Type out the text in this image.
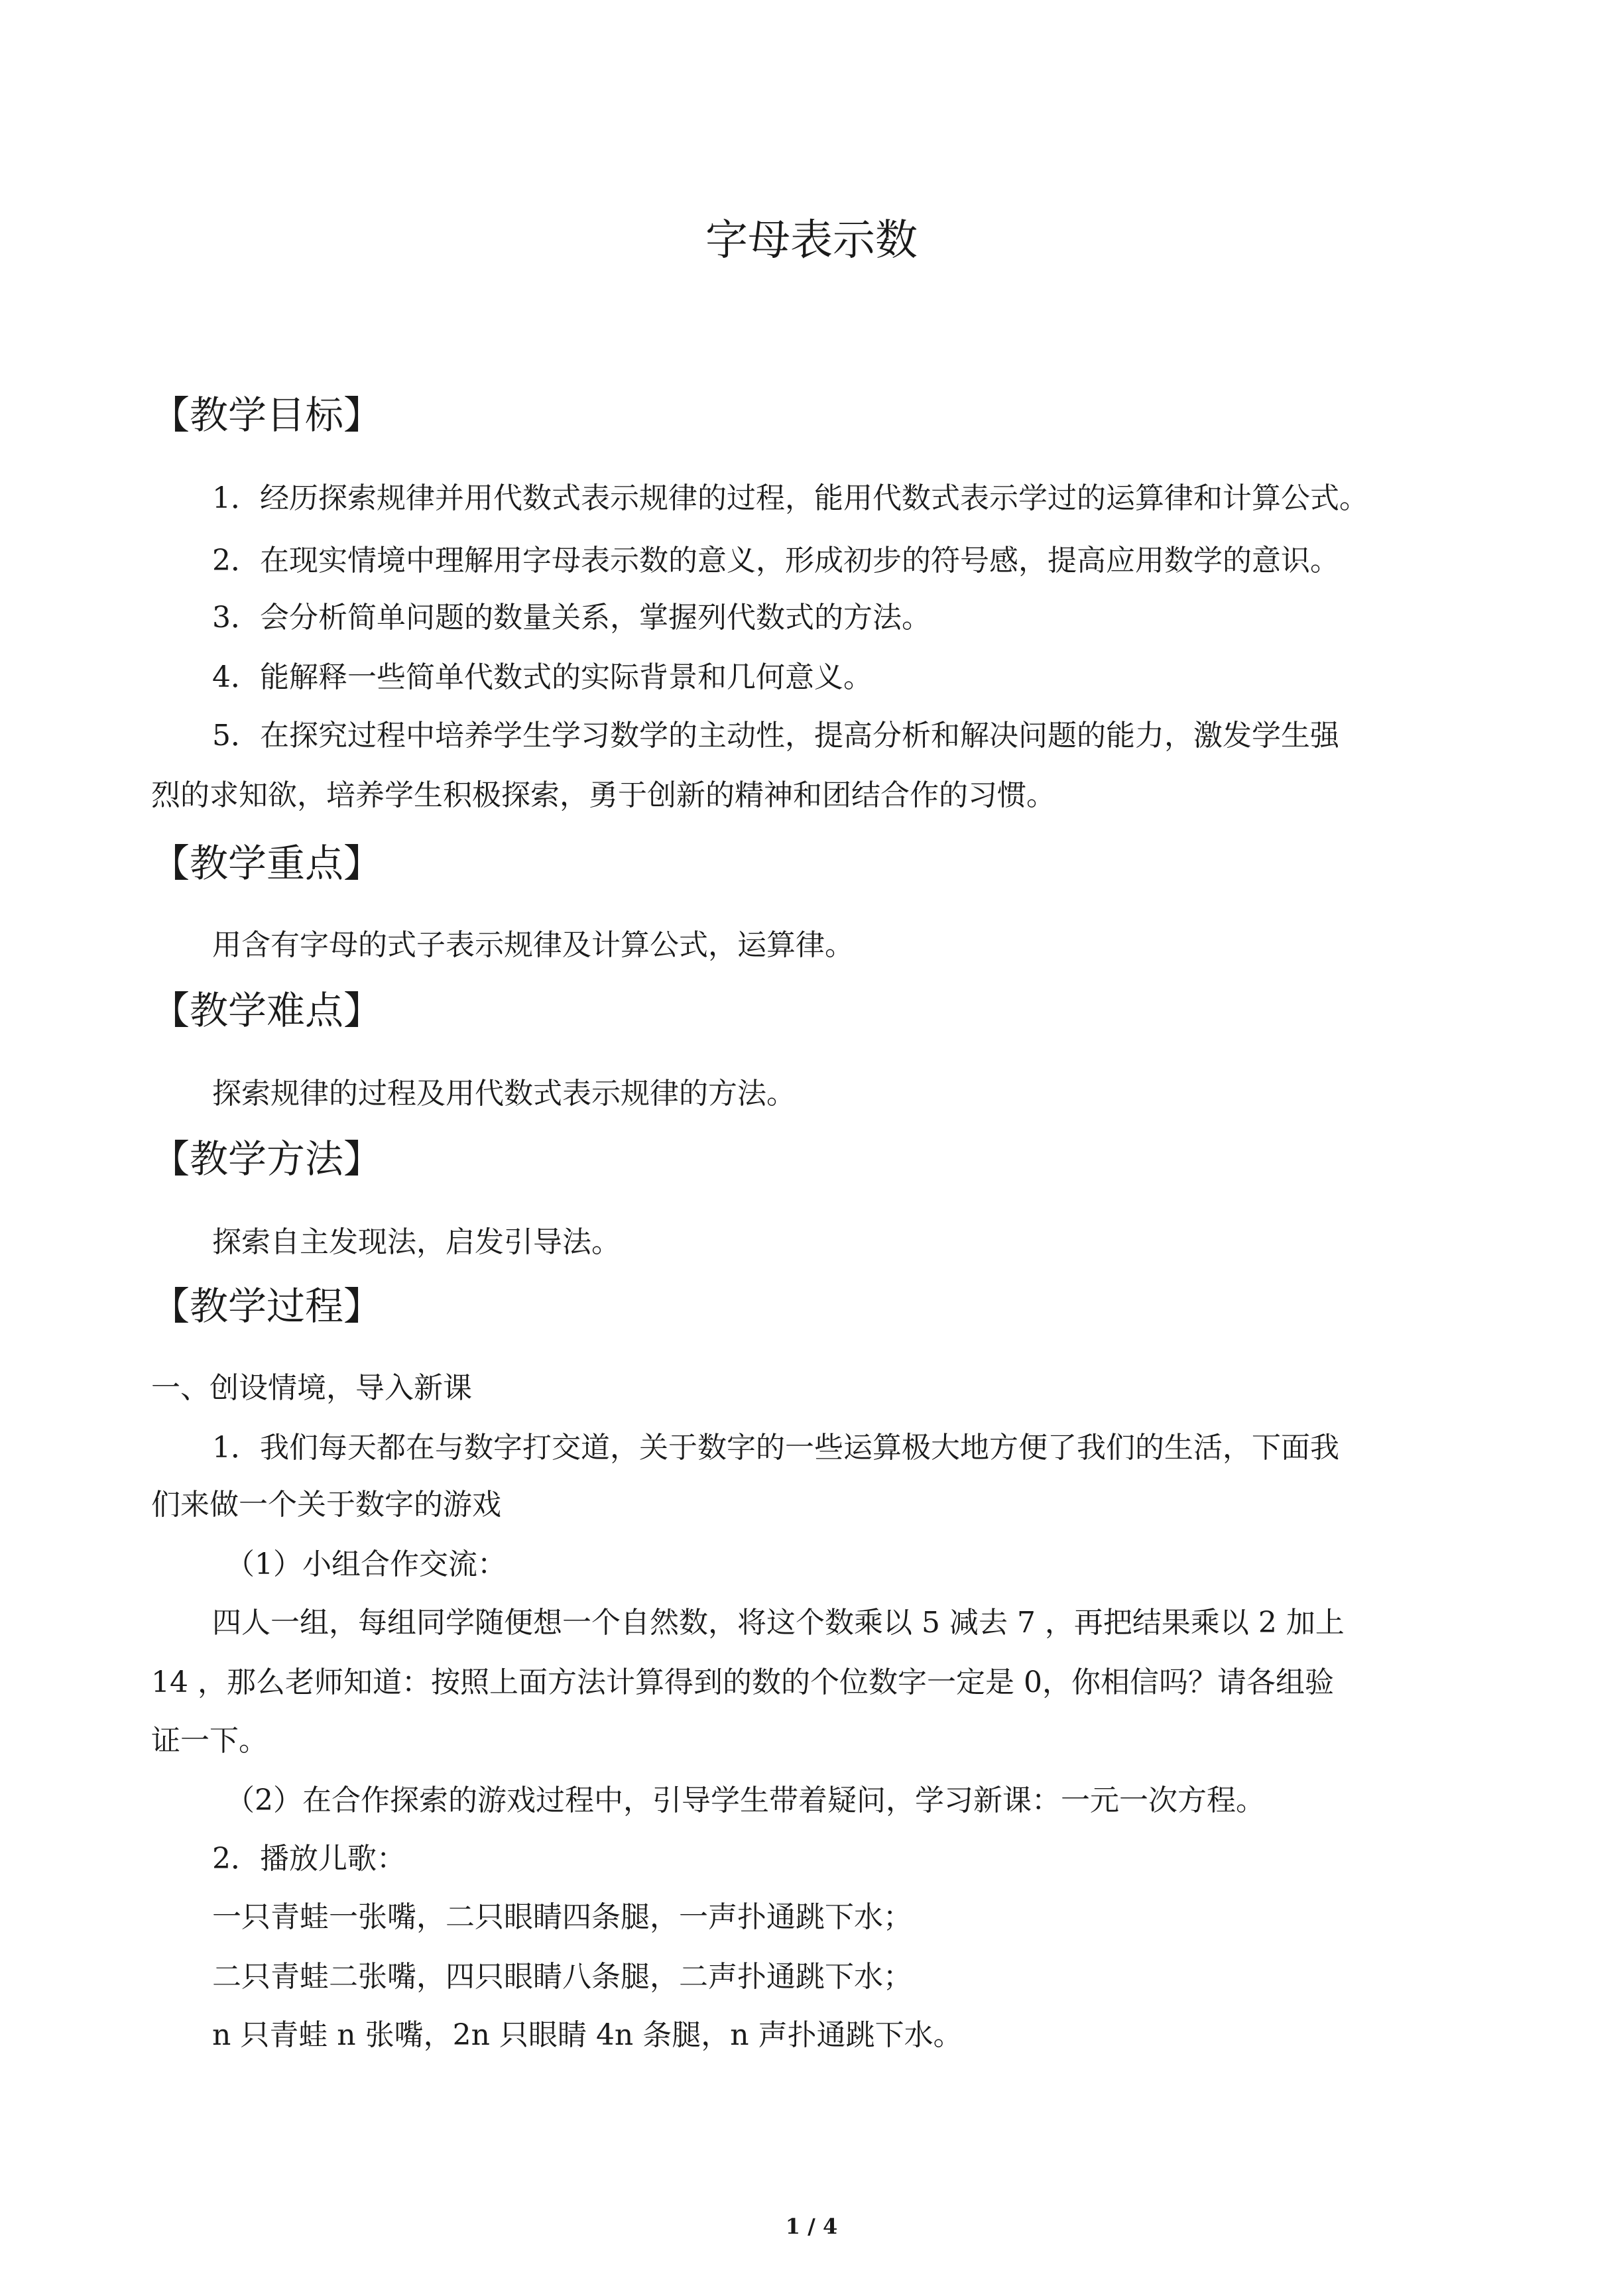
字母表示数
【教学目标】
1．经历探索规律并用代数式表示规律的过程，能用代数式表示学过的运算律和计算公式。
2．在现实情境中理解用字母表示数的意义，形成初步的符号感，提高应用数学的意识。
3．会分析简单问题的数量关系，掌握列代数式的方法。
4．能解释一些简单代数式的实际背景和几何意义。
5．在探究过程中培养学生学习数学的主动性，提高分析和解决问题的能力，激发学生强
烈的求知欲，培养学生积极探索，勇于创新的精神和团结合作的习惯。
【教学重点】
用含有字母的式子表示规律及计算公式，运算律。
【教学难点】
探索规律的过程及用代数式表示规律的方法。
【教学方法】
探索自主发现法，启发引导法。
【教学过程】
一、创设情境，导入新课
1．我们每天都在与数字打交道，关于数字的一些运算极大地方便了我们的生活，下面我
们来做一个关于数字的游戏
（1）小组合作交流：
四人一组，每组同学随便想一个自然数，将这个数乘以 5 减去 7 ，再把结果乘以 2 加上
14 ，那么老师知道：按照上面方法计算得到的数的个位数字一定是 0，你相信吗？请各组验
证一下。
（2）在合作探索的游戏过程中，引导学生带着疑问，学习新课：一元一次方程。
2．播放儿歌：
一只青蛙一张嘴，二只眼睛四条腿，一声扑通跳下水；
二只青蛙二张嘴，四只眼睛八条腿，二声扑通跳下水；
n 只青蛙 n 张嘴，2n 只眼睛 4n 条腿，n 声扑通跳下水。
1 / 4
